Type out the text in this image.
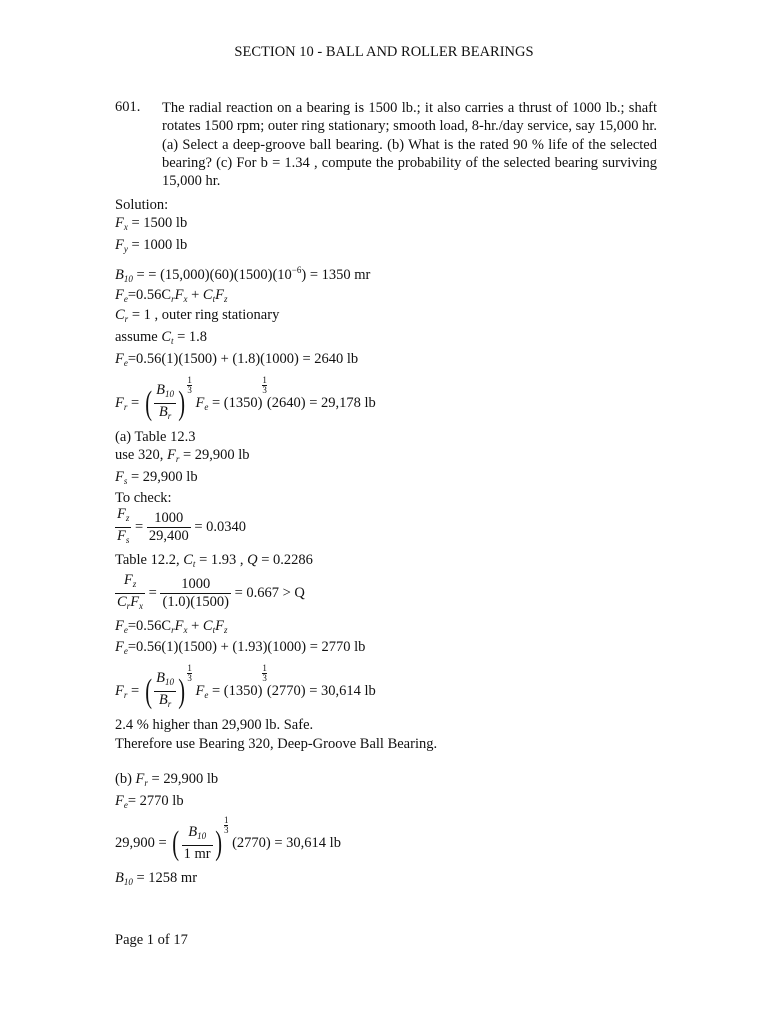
SECTION 10 - BALL AND ROLLER BEARINGS
601. The radial reaction on a bearing is 1500 lb.; it also carries a thrust of 1000 lb.; shaft rotates 1500 rpm; outer ring stationary; smooth load, 8-hr./day service, say 15,000 hr. (a) Select a deep-groove ball bearing. (b) What is the rated 90 % life of the selected bearing? (c) For b = 1.34 , compute the probability of the selected bearing surviving 15,000 hr.
Solution:
$F_x = 1500$ lb
$F_y = 1000$ lb
$B_{10}$ = = $(15,000)(60)(1500)(10^{-6}) = 1350$ mr
$F_e=0.56C_rF_x + C_tF_z$
$C_r = 1$ , outer ring stationary
assume $C_t = 1.8$
$F_e=0.56(1)(1500) + (1.8)(1000) = 2640$ lb
$F_r$ = ( $\frac{B_{10}}{B_r}$ ) $\frac{1}{3}$
$F_e = (1350)$
$\frac{1}{3}$
(2640) = 29,178 lb
(a) Table 12.3
use 320, $F_r = 29,900$ lb
$F_s = 29,900$ lb
To check:
$\frac{F_z}{F_s} = \frac{1000}{29,400} = 0.0340$
Table 12.2, $C_t = 1.93$ , Q = 0.2286
$\frac{F_z}{C_rF_x} = \frac{1000}{(1.0)(1500)} = 0.667 > Q$
$F_e=0.56C_rF_x + C_tF_z$
$F_e=0.56(1)(1500) + (1.93)(1000) = 2770$ lb
$F_r$ = ( $\frac{B_{10}}{B_r}$ ) $\frac{1}{3}$
$F_e = (1350)$
$\frac{1}{3}$
(2770) = 30,614 lb
2.4 % higher than 29,900 lb. Safe.
Therefore use Bearing 320, Deep-Groove Ball Bearing.
(b) $F_r = 29,900$ lb
$F_e= 2770$ lb
29,900 = ( $\frac{B_{10}}{1 mr}$ ) $\frac{1}{3}$
(2770) = 30,614 lb
$B_{10} = 1258$ mr
Page 1 of 17
